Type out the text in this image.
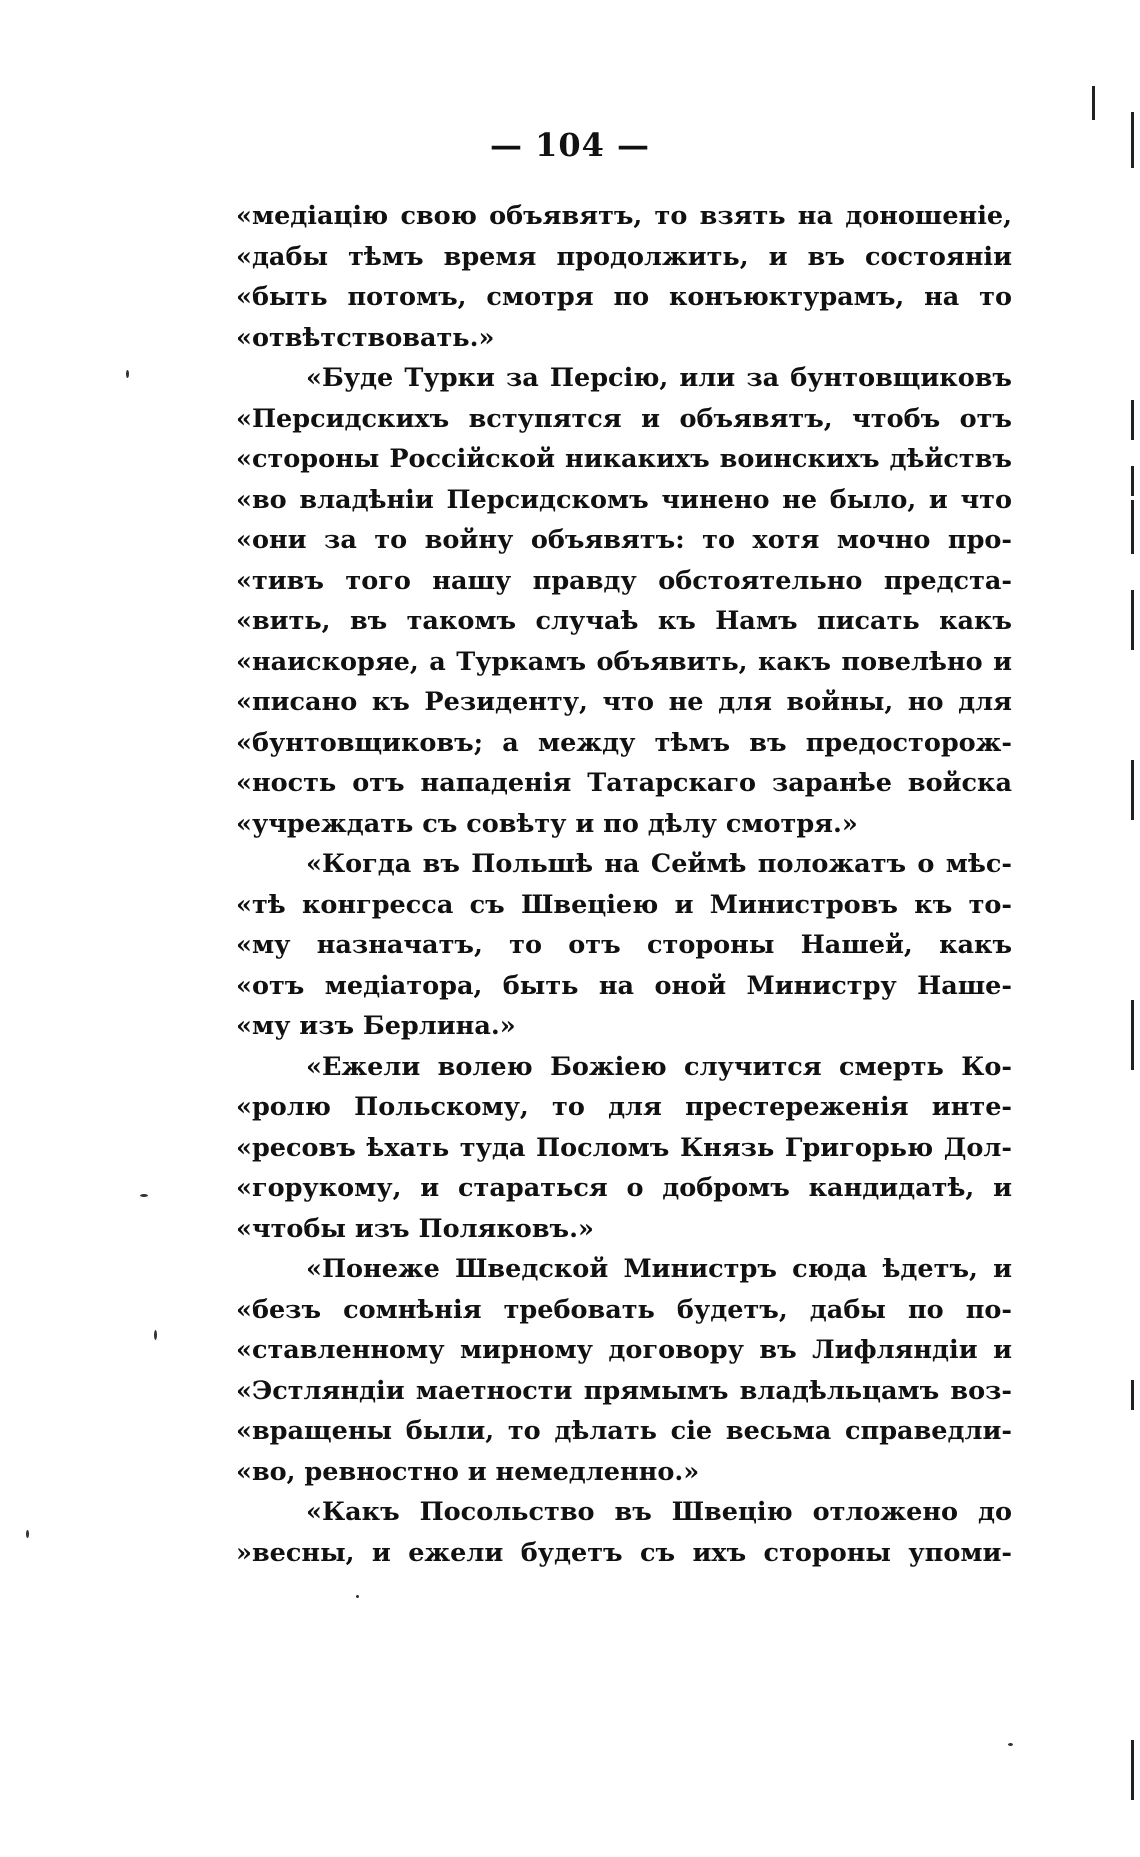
— 104 —
«медіацію свою объявятъ, то взять на доношеніе,
«дабы тѣмъ время продолжить, и въ состояніи
«быть потомъ, смотря по конъюктурамъ, на то
«отвѣтствовать.»
«Буде Турки за Персію, или за бунтовщиковъ
«Персидскихъ вступятся и объявятъ, чтобъ отъ
«стороны Россійской никакихъ воинскихъ дѣйствъ
«во владѣніи Персидскомъ чинено не было, и что
«они за то войну объявятъ: то хотя мочно про-
«тивъ того нашу правду обстоятельно предста-
«вить, въ такомъ случаѣ къ Намъ писать какъ
«наискоряе, а Туркамъ объявить, какъ повелѣно и
«писано къ Резиденту, что не для войны, но для
«бунтовщиковъ; а между тѣмъ въ предосторож-
«ность отъ нападенія Татарскаго заранѣе войска
«учреждать съ совѣту и по дѣлу смотря.»
«Когда въ Польшѣ на Сеймѣ положатъ о мѣс-
«тѣ конгресса съ Швеціею и Министровъ къ то-
«му назначатъ, то отъ стороны Нашей, какъ
«отъ медіатора, быть на оной Министру Наше-
«му изъ Берлина.»
«Ежели волею Божіею случится смерть Ко-
«ролю Польскому, то для престереженія инте-
«ресовъ ѣхать туда Посломъ Князь Григорью Дол-
«горукому, и стараться о добромъ кандидатѣ, и
«чтобы изъ Поляковъ.»
«Понеже Шведской Министръ сюда ѣдетъ, и
«безъ сомнѣнія требовать будетъ, дабы по по-
«ставленному мирному договору въ Лифляндіи и
«Эстляндіи маетности прямымъ владѣльцамъ воз-
«вращены были, то дѣлать сіе весьма справедли-
«во, ревностно и немедленно.»
«Какъ Посольство въ Швецію отложено до
»весны, и ежели будетъ съ ихъ стороны упоми-
